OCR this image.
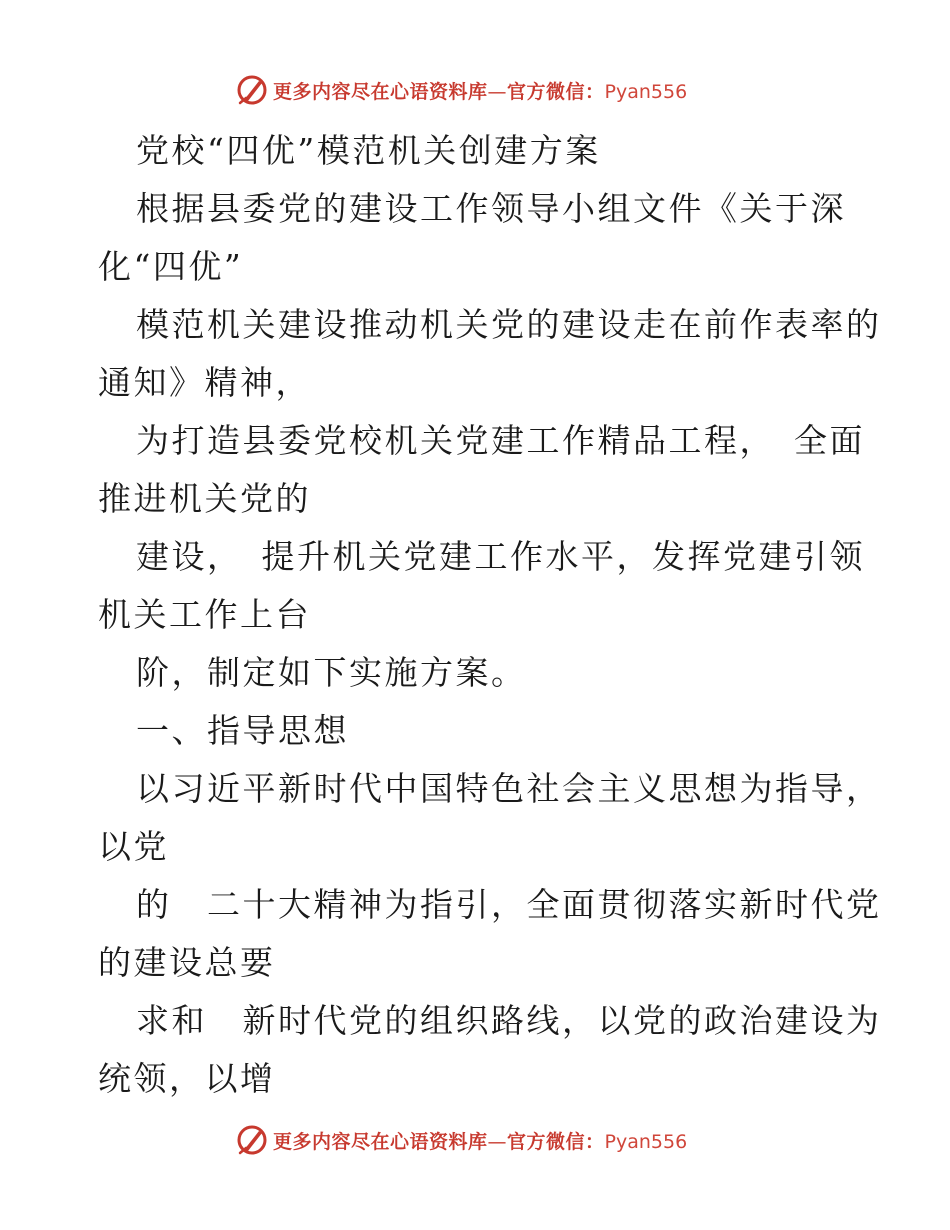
更多内容尽在心语资料库—官方微信：Pyan556
党校“四优”模范机关创建方案
根据县委党的建设工作领导小组文件《关于深
化“四优”
模范机关建设推动机关党的建设走在前作表率的
通知》精神，
为打造县委党校机关党建工作精品工程，　全面
推进机关党的
建设，　提升机关党建工作水平，发挥党建引领
机关工作上台
阶，制定如下实施方案。
一、指导思想
以习近平新时代中国特色社会主义思想为指导，
以党
的　二十大精神为指引，全面贯彻落实新时代党
的建设总要
求和　新时代党的组织路线，以党的政治建设为
统领，以增
更多内容尽在心语资料库—官方微信：Pyan556
